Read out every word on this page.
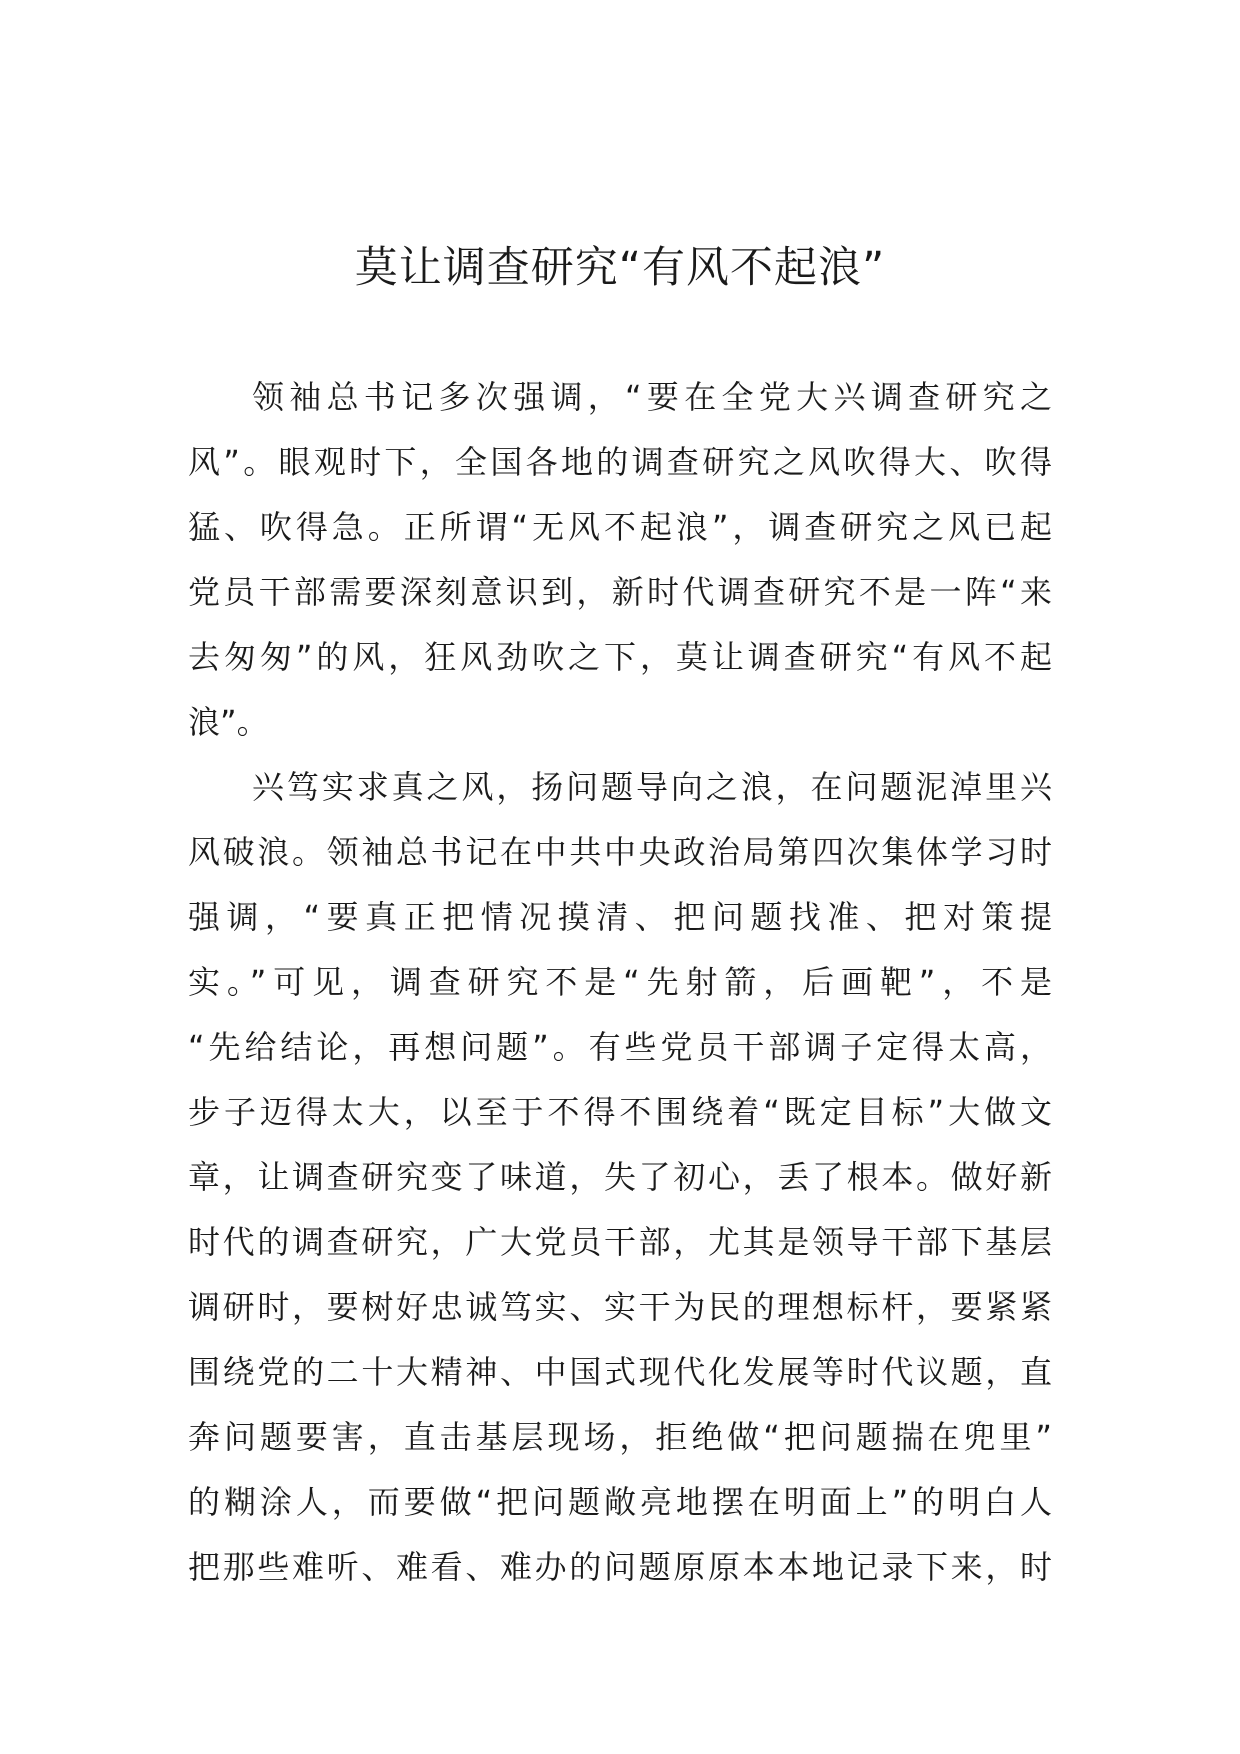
莫让调查研究“有风不起浪”
领袖总书记多次强调，“要在全党大兴调查研究之
风”。眼观时下，全国各地的调查研究之风吹得大、吹得
猛、吹得急。正所谓“无风不起浪”，调查研究之风已起
党员干部需要深刻意识到，新时代调查研究不是一阵“来
去匆匆”的风，狂风劲吹之下，莫让调查研究“有风不起
浪”。
兴笃实求真之风，扬问题导向之浪，在问题泥淖里兴
风破浪。领袖总书记在中共中央政治局第四次集体学习时
强调，“要真正把情况摸清、把问题找准、把对策提
实。”可见，调查研究不是“先射箭，后画靶”，不是
“先给结论，再想问题”。有些党员干部调子定得太高，
步子迈得太大，以至于不得不围绕着“既定目标”大做文
章，让调查研究变了味道，失了初心，丢了根本。做好新
时代的调查研究，广大党员干部，尤其是领导干部下基层
调研时，要树好忠诚笃实、实干为民的理想标杆，要紧紧
围绕党的二十大精神、中国式现代化发展等时代议题，直
奔问题要害，直击基层现场，拒绝做“把问题揣在兜里”
的糊涂人，而要做“把问题敞亮地摆在明面上”的明白人
把那些难听、难看、难办的问题原原本本地记录下来，时
